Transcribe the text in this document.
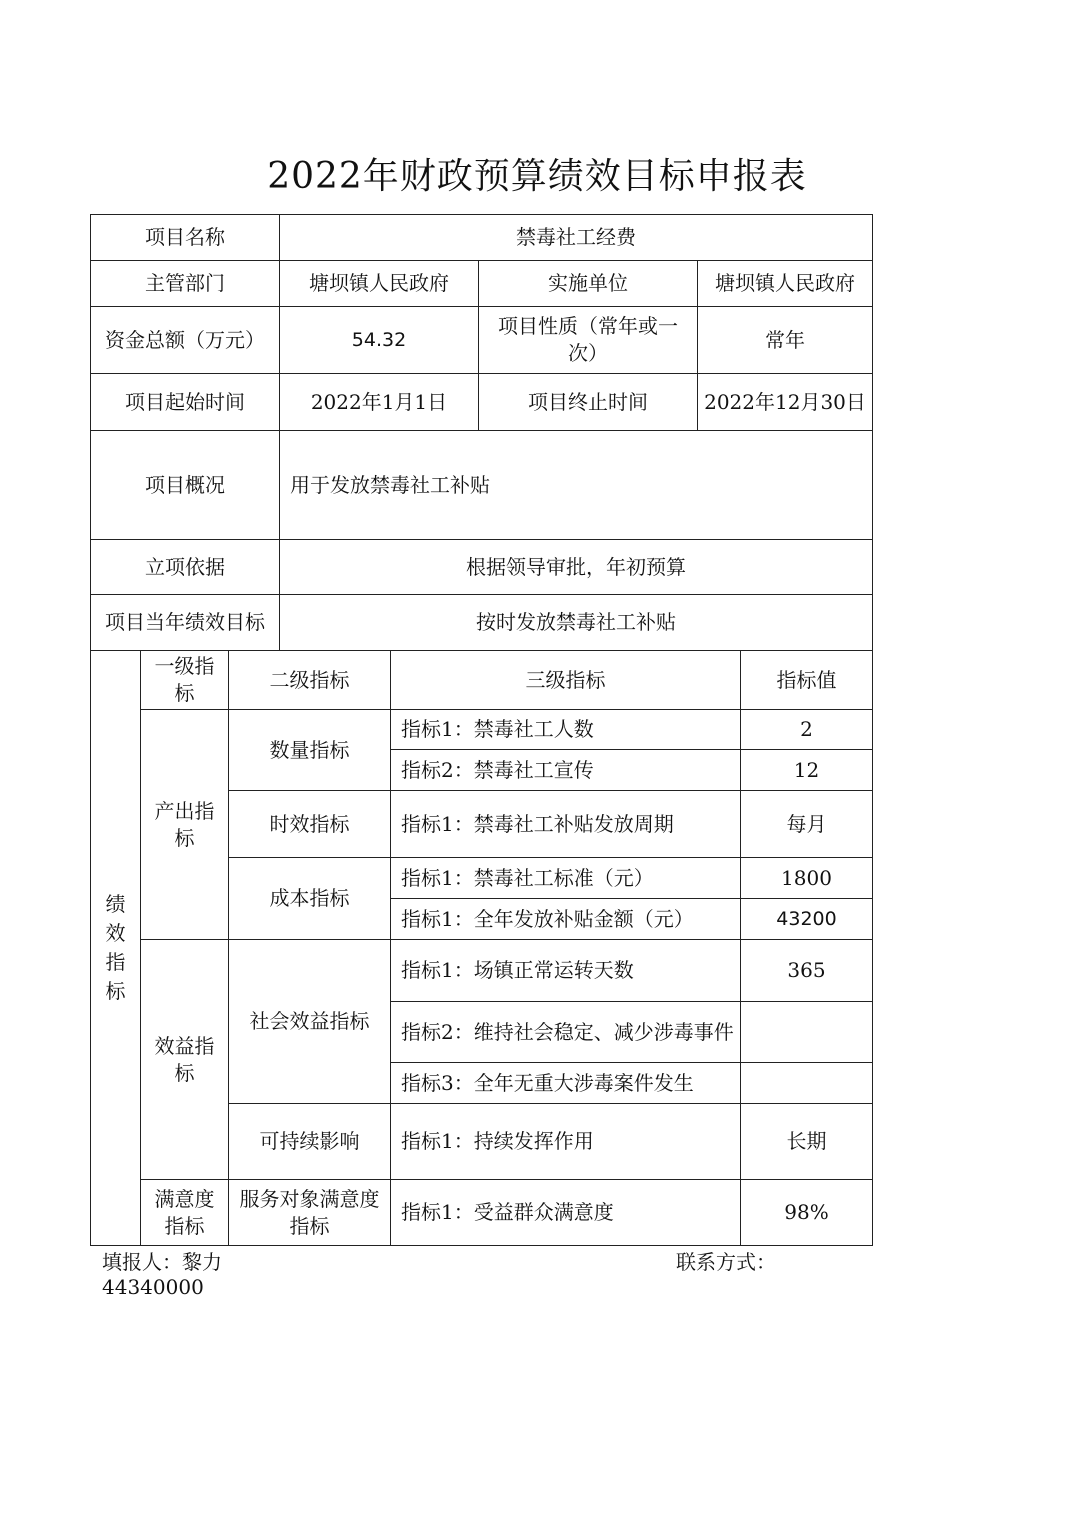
2022年财政预算绩效目标申报表
项目名称	禁毒社工经费		
主管部门	塘坝镇人民政府	实施单位	塘坝镇人民政府
资金总额（万元）	54.32	项目性质（常年或一次）	常年
项目起始时间	2022年1月1日	项目终止时间	2022年12月30日
项目概况	用于发放禁毒社工补贴		
立项依据	根据领导审批，年初预算		
项目当年绩效目标	按时发放禁毒社工补贴		
绩效指标	一级指标	二级指标	三级指标	指标值
	产出指标	数量指标	指标1：禁毒社工人数	2
			指标2：禁毒社工宣传	12
		时效指标	指标1：禁毒社工补贴发放周期	每月
		成本指标	指标1：禁毒社工标准（元）	1800
			指标1：全年发放补贴金额（元）	43200
	效益指标	社会效益指标	指标1：场镇正常运转天数	365
			指标2：维持社会稳定、减少涉毒事件	
			指标3：全年无重大涉毒案件发生	
		可持续影响	指标1：持续发挥作用	长期
	满意度指标	服务对象满意度指标	指标1：受益群众满意度	98%
填报人：黎力	联系方式：
44340000
